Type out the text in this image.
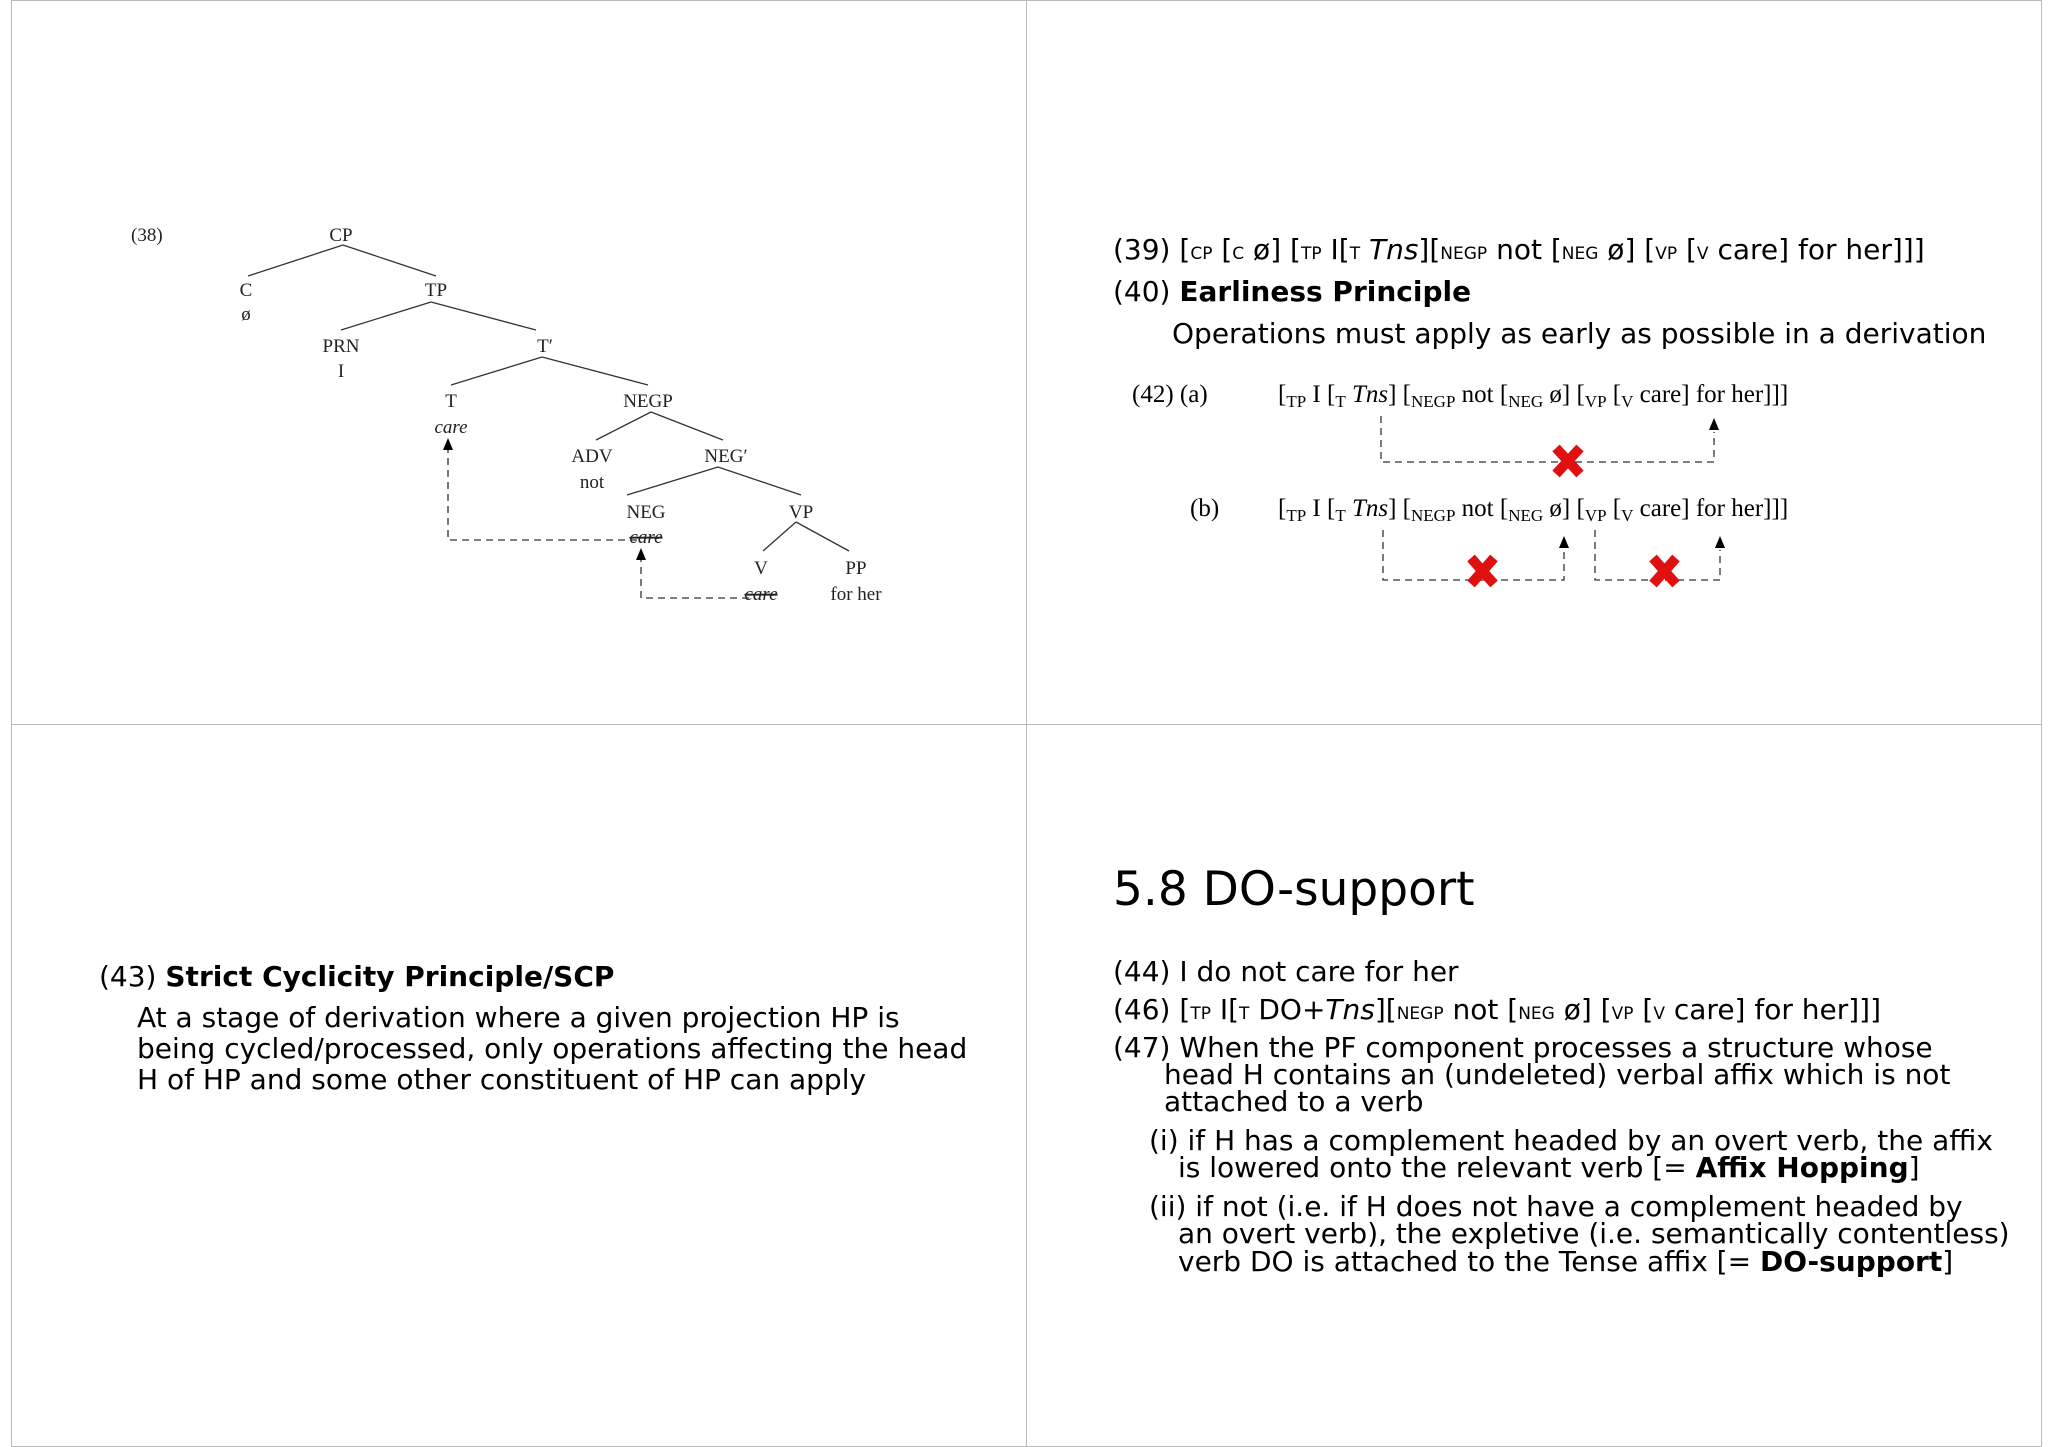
(38)	CP
C
ø
TP
PRN
I
T′
T
care
NEGP
ADV
not
NEG′
NEG
care
VP
V
care
PP
for her
(39) [CP [C ø] [TP I[T Tns][NEGP not [NEG ø] [VP [V care] for her]]]
(40) Earliness Principle
Operations must apply as early as possible in a derivation
(42) (a)	[$_{TP}$ I [$_T$ Tns] [$_{NEGP}$ not [$_{NEG}$ ø] [$_{VP}$ [$_V$ care] for her]]]
(b) [$_{TP}$ I [$_T$ Tns] [$_{NEGP}$ not [$_{NEG}$ ø] [$_{VP}$ [$_V$ care] for her]]]
(43) Strict Cyclicity Principle/SCP
At a stage of derivation where a given projection HP is
being cycled/processed, only operations affecting the head
H of HP and some other constituent of HP can apply
5.8 DO-support
(44) I do not care for her
(46) [TP I[T DO+Tns][NEGP not [NEG ø] [VP [V care] for her]]]
(47) When the PF component processes a structure whose
head H contains an (undeleted) verbal affix which is not
attached to a verb
(i) if H has a complement headed by an overt verb, the affix
is lowered onto the relevant verb [= Affix Hopping]
(ii) if not (i.e. if H does not have a complement headed by
an overt verb), the expletive (i.e. semantically contentless)
verb DO is attached to the Tense affix [= DO-support]
